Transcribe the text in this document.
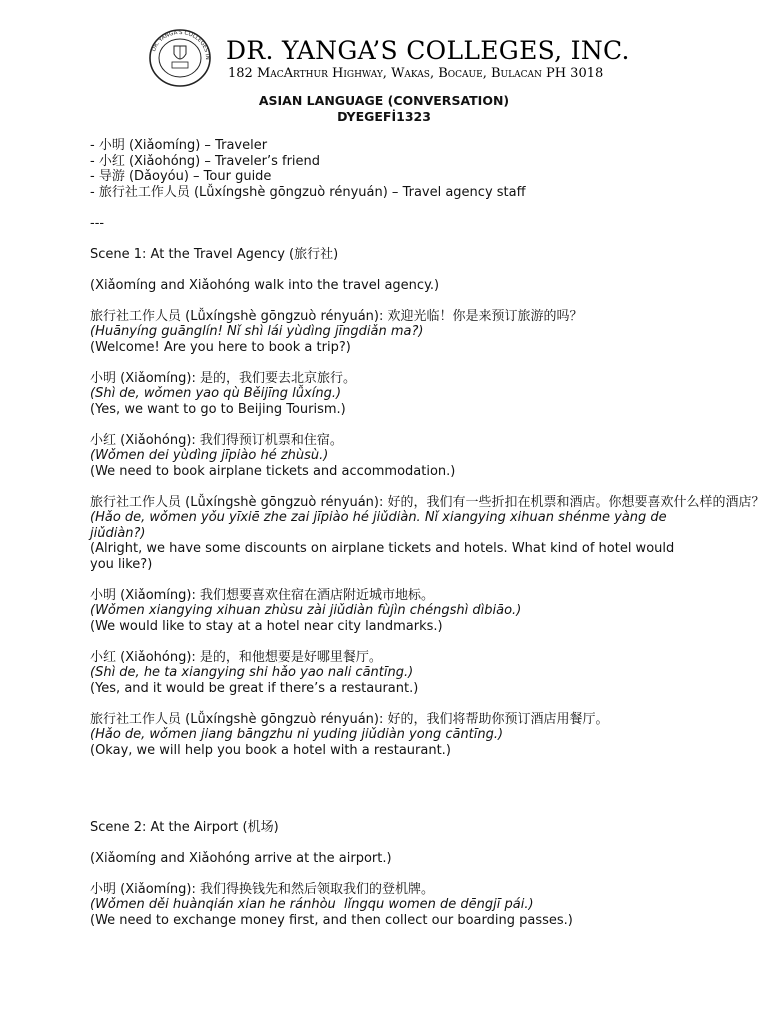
DR. YANGA'S COLLEGES IN DR. YANGA’S COLLEGES, INC.
182 MacArthur Highway, Wakas, Bocaue, Bulacan PH 3018
ASIAN LANGUAGE (CONVERSATION)
DYEGEFİ1323
- 小明 (Xiǎomíng) – Traveler
- 小红 (Xiǎohóng) – Traveler’s friend
- 导游 (Dǎoyóu) – Tour guide
- 旅行社工作人员 (Lǚxíngshè gōngzuò rényuán) – Travel agency staff
---
Scene 1: At the Travel Agency (旅行社)
(Xiǎomíng and Xiǎohóng walk into the travel agency.)
旅行社工作人员 (Lǚxíngshè gōngzuò rényuán): 欢迎光临！你是来预订旅游的吗？
(Huānyíng guānglín! Nǐ shì lái yùdìng jīngdiǎn ma?)
(Welcome! Are you here to book a trip?)
小明 (Xiǎomíng): 是的，我们要去北京旅行。
(Shì de, wǒmen yao qù Běijīng lǚxíng.)
(Yes, we want to go to Beijing Tourism.)
小红 (Xiǎohóng): 我们得预订机票和住宿。
(Wǒmen dei yùdìng jīpiào hé zhùsù.)
(We need to book airplane tickets and accommodation.)
旅行社工作人员 (Lǚxíngshè gōngzuò rényuán): 好的，我们有一些折扣在机票和酒店。你想要喜欢什么样的酒店？
(Hǎo de, wǒmen yǒu yīxiē zhe zai jīpiào hé jiǔdiàn. Nǐ xiangying xihuan shénme yàng de jiǔdiàn?)
(Alright, we have some discounts on airplane tickets and hotels. What kind of hotel would you like?)
小明 (Xiǎomíng): 我们想要喜欢住宿在酒店附近城市地标。
(Wǒmen xiangying xihuan zhùsu zài jiǔdiàn fùjìn chéngshì dìbiāo.)
(We would like to stay at a hotel near city landmarks.)
小红 (Xiǎohóng): 是的，和他想要是好哪里餐厅。
(Shì de, he ta xiangying shi hǎo yao nali cāntīng.)
(Yes, and it would be great if there’s a restaurant.)
旅行社工作人员 (Lǚxíngshè gōngzuò rényuán): 好的，我们将帮助你预订酒店用餐厅。
(Hǎo de, wǒmen jiang bāngzhu ni yuding jiǔdiàn yong cāntīng.)
(Okay, we will help you book a hotel with a restaurant.)
Scene 2: At the Airport (机场)
(Xiǎomíng and Xiǎohóng arrive at the airport.)
小明 (Xiǎomíng): 我们得换钱先和然后领取我们的登机牌。
(Wǒmen děi huànqián xian he ránhòu  lǐngqu women de dēngjī pái.)
(We need to exchange money first, and then collect our boarding passes.)
